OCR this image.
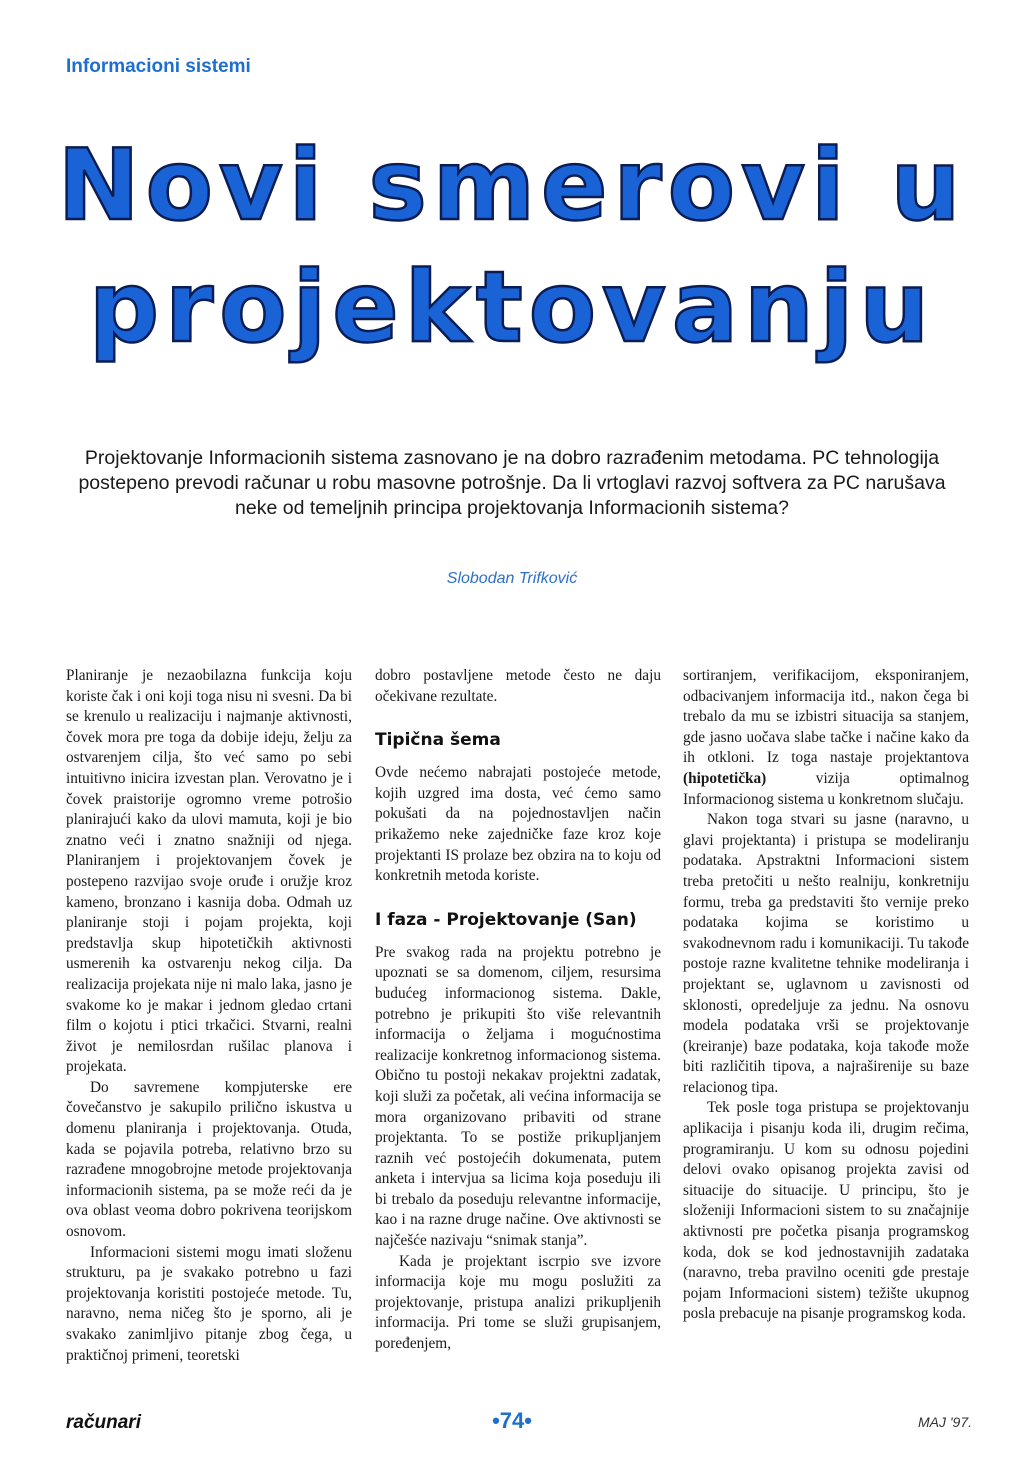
Informacioni sistemi

Novi smerovi u
projektovanju

Projektovanje Informacionih sistema zasnovano je na dobro razrađenim metodama. PC tehnologija postepeno prevodi računar u robu masovne potrošnje. Da li vrtoglavi razvoj softvera za PC narušava neke od temeljnih principa projektovanja Informacionih sistema?

Slobodan Trifković

Planiranje je nezaobilazna funkcija koju koriste čak i oni koji toga nisu ni svesni. Da bi se krenulo u realizaciju i najmanje aktivnosti, čovek mora pre toga da dobije ideju, želju za ostvarenjem cilja, što već samo po sebi intuitivno inicira izvestan plan. Verovatno je i čovek praistorije ogromno vreme potrošio planirajući kako da ulovi mamuta, koji je bio znatno veći i znatno snažniji od njega. Planiranjem i projektovanjem čovek je postepeno razvijao svoje oruđe i oružje kroz kameno, bronzano i kasnija doba. Odmah uz planiranje stoji i pojam projekta, koji predstavlja skup hipotetičkih aktivnosti usmerenih ka ostvarenju nekog cilja. Da realizacija projekata nije ni malo laka, jasno je svakome ko je makar i jednom gledao crtani film o kojotu i ptici trkačici. Stvarni, realni život je nemilosrdan rušilac planova i projekata.

Do savremene kompjuterske ere čovečanstvo je sakupilo prilično iskustva u domenu planiranja i projektovanja. Otuda, kada se pojavila potreba, relativno brzo su razrađene mnogobrojne metode projektovanja informacionih sistema, pa se može reći da je ova oblast veoma dobro pokrivena teorijskom osnovom.

Informacioni sistemi mogu imati složenu strukturu, pa je svakako potrebno u fazi projektovanja koristiti postojeće metode. Tu, naravno, nema ničeg što je sporno, ali je svakako zanimljivo pitanje zbog čega, u praktičnoj primeni, teoretski

dobro postavljene metode često ne daju očekivane rezultate.

Tipična šema

Ovde nećemo nabrajati postojeće metode, kojih uzgred ima dosta, već ćemo samo pokušati da na pojednostavljen način prikažemo neke zajedničke faze kroz koje projektanti IS prolaze bez obzira na to koju od konkretnih metoda koriste.

I faza - Projektovanje (San)

Pre svakog rada na projektu potrebno je upoznati se sa domenom, ciljem, resursima budućeg informacionog sistema. Dakle, potrebno je prikupiti što više relevantnih informacija o željama i mogućnostima realizacije konkretnog informacionog sistema. Obično tu postoji nekakav projektni zadatak, koji služi za početak, ali većina informacija se mora organizovano pribaviti od strane projektanta. To se postiže prikupljanjem raznih već postojećih dokumenata, putem anketa i intervjua sa licima koja poseduju ili bi trebalo da poseduju relevantne informacije, kao i na razne druge načine. Ove aktivnosti se najčešće nazivaju “snimak stanja”.

Kada je projektant iscrpio sve izvore informacija koje mu mogu poslužiti za projektovanje, pristupa analizi prikupljenih informacija. Pri tome se služi grupisanjem, poređenjem,

sortiranjem, verifikacijom, eksponiranjem, odbacivanjem informacija itd., nakon čega bi trebalo da mu se izbistri situacija sa stanjem, gde jasno uočava slabe tačke i načine kako da ih otkloni. Iz toga nastaje projektantova (hipotetička) vizija optimalnog Informacionog sistema u konkretnom slučaju.

Nakon toga stvari su jasne (naravno, u glavi projektanta) i pristupa se modeliranju podataka. Apstraktni Informacioni sistem treba pretočiti u nešto realniju, konkretniju formu, treba ga predstaviti što vernije preko podataka kojima se koristimo u svakodnevnom radu i komunikaciji. Tu takođe postoje razne kvalitetne tehnike modeliranja i projektant se, uglavnom u zavisnosti od sklonosti, opredeljuje za jednu. Na osnovu modela podataka vrši se projektovanje (kreiranje) baze podataka, koja takođe može biti različitih tipova, a najrašireniје su baze relacionog tipa.

Tek posle toga pristupa se projektovanju aplikacija i pisanju koda ili, drugim rečima, programiranju. U kom su odnosu pojedini delovi ovako opisanog projekta zavisi od situacije do situacije. U principu, što je složeniji Informacioni sistem to su značajnije aktivnosti pre početka pisanja programskog koda, dok se kod jednostavnijih zadataka (naravno, treba pravilno oceniti gde prestaje pojam Informacioni sistem) težište ukupnog posla prebacuje na pisanje programskog koda.

računari	•74•	MAJ '97.
